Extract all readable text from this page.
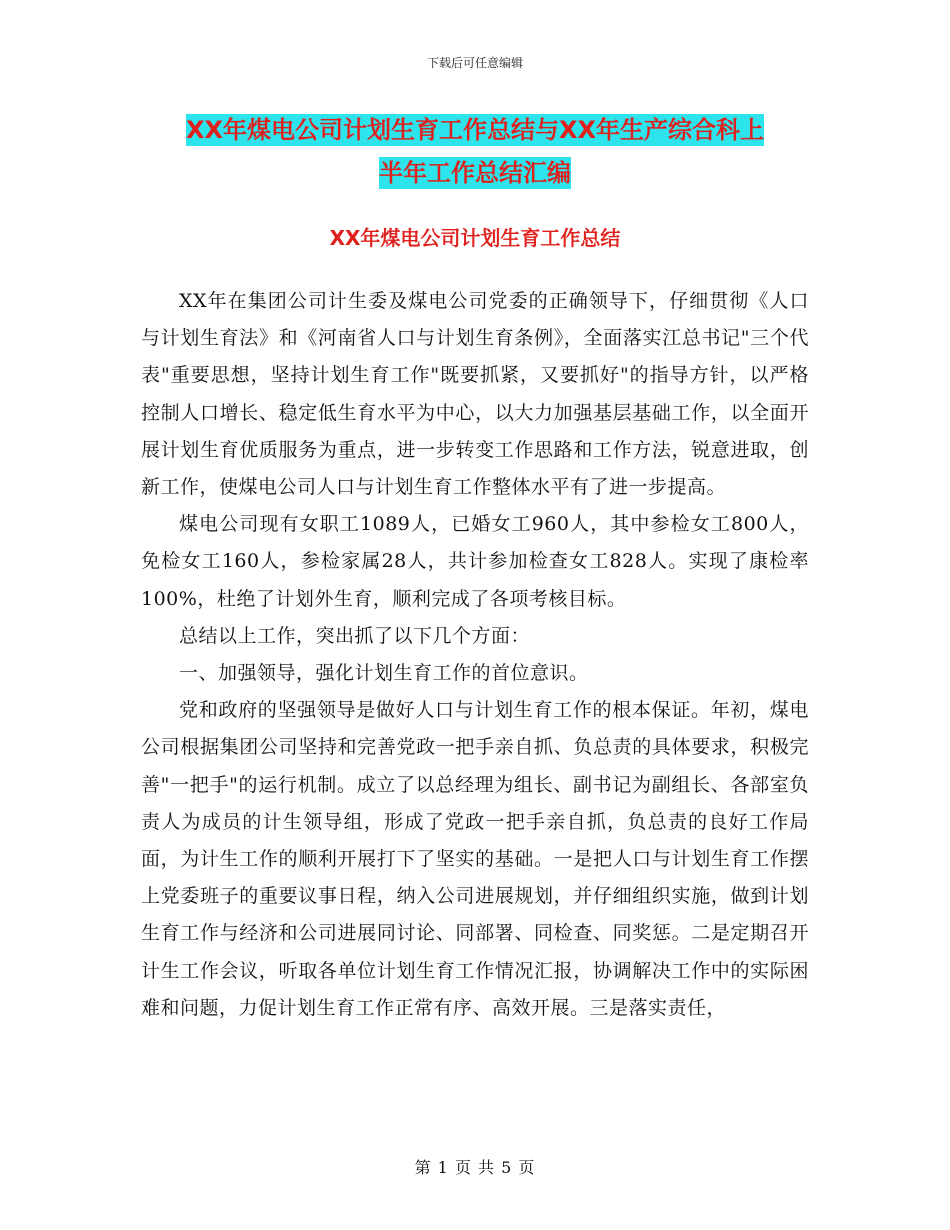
下载后可任意编辑
XX年煤电公司计划生育工作总结与XX年生产综合科上
半年工作总结汇编
XX年煤电公司计划生育工作总结

XX年在集团公司计生委及煤电公司党委的正确领导下，仔细贯彻《人口与计划生育法》和《河南省人口与计划生育条例》，全面落实江总书记"三个代表"重要思想，坚持计划生育工作"既要抓紧，又要抓好"的指导方针，以严格控制人口增长、稳定低生育水平为中心，以大力加强基层基础工作，以全面开展计划生育优质服务为重点，进一步转变工作思路和工作方法，锐意进取，创新工作，使煤电公司人口与计划生育工作整体水平有了进一步提高。

煤电公司现有女职工1089人，已婚女工960人，其中参检女工800人，免检女工160人，参检家属28人，共计参加检查女工828人。实现了康检率100%，杜绝了计划外生育，顺利完成了各项考核目标。

总结以上工作，突出抓了以下几个方面：

一、加强领导，强化计划生育工作的首位意识。

党和政府的坚强领导是做好人口与计划生育工作的根本保证。年初，煤电公司根据集团公司坚持和完善党政一把手亲自抓、负总责的具体要求，积极完善"一把手"的运行机制。成立了以总经理为组长、副书记为副组长、各部室负责人为成员的计生领导组，形成了党政一把手亲自抓，负总责的良好工作局面，为计生工作的顺利开展打下了坚实的基础。一是把人口与计划生育工作摆上党委班子的重要议事日程，纳入公司进展规划，并仔细组织实施，做到计划生育工作与经济和公司进展同讨论、同部署、同检查、同奖惩。二是定期召开计生工作会议，听取各单位计划生育工作情况汇报，协调解决工作中的实际困难和问题，力促计划生育工作正常有序、高效开展。三是落实责任，

第 1 页 共 5 页
